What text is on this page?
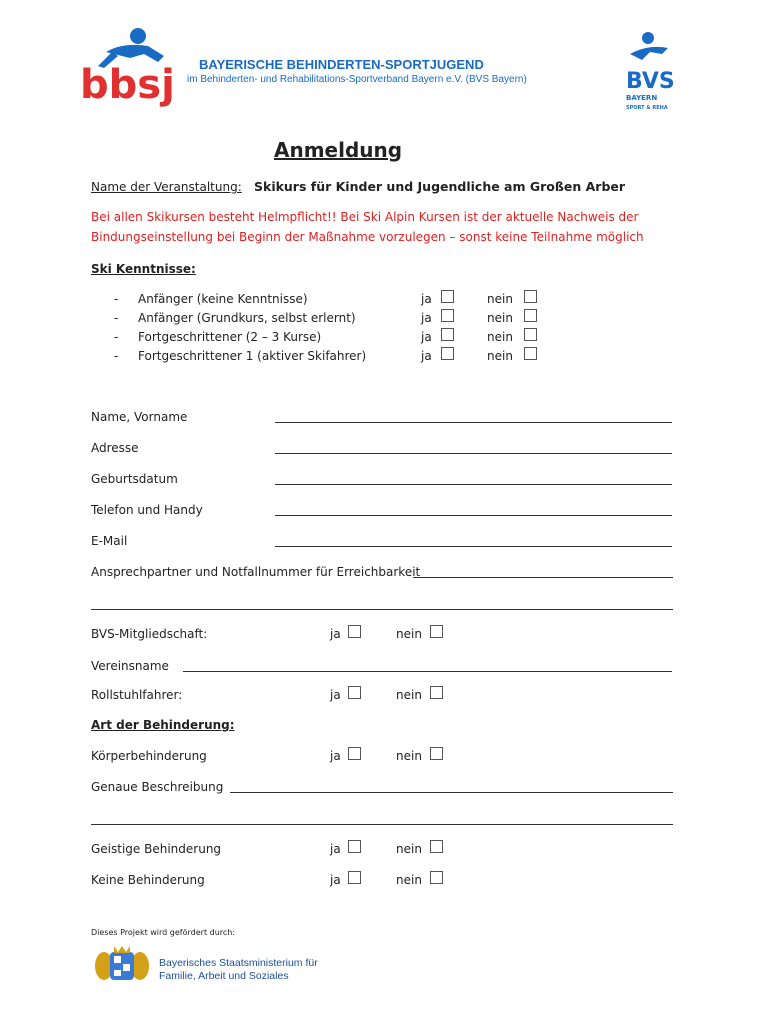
bbsj BAYERISCHE BEHINDERTEN-SPORTJUGEND
im Behinderten- und Rehabilitations-Sportverband Bayern e.V. (BVS Bayern)	BVS
BAYERN
SPORT & REHA
Anmeldung
Name der Veranstaltung: Skikurs für Kinder und Jugendliche am Großen Arber
Bei allen Skikursen besteht Helmpflicht!! Bei Ski Alpin Kursen ist der aktuelle Nachweis der
Bindungseinstellung bei Beginn der Maßnahme vorzulegen – sonst keine Teilnahme möglich
Ski Kenntnisse:
- Anfänger (keine Kenntnisse)	ja	nein
- Anfänger (Grundkurs, selbst erlernt)	ja	nein
- Fortgeschrittener (2 – 3 Kurse)	ja	nein
- Fortgeschrittener 1 (aktiver Skifahrer)	ja	nein
Name, Vorname
Adresse
Geburtsdatum
Telefon und Handy
E-Mail
Ansprechpartner und Notfallnummer für Erreichbarkeit
BVS-Mitgliedschaft:	ja	nein
Vereinsname
Rollstuhlfahrer:	ja	nein
Art der Behinderung:
Körperbehinderung	ja	nein
Genaue Beschreibung
Geistige Behinderung	ja	nein
Keine Behinderung	ja	nein
Dieses Projekt wird gefördert durch:
Bayerisches Staatsministerium für
Familie, Arbeit und Soziales
